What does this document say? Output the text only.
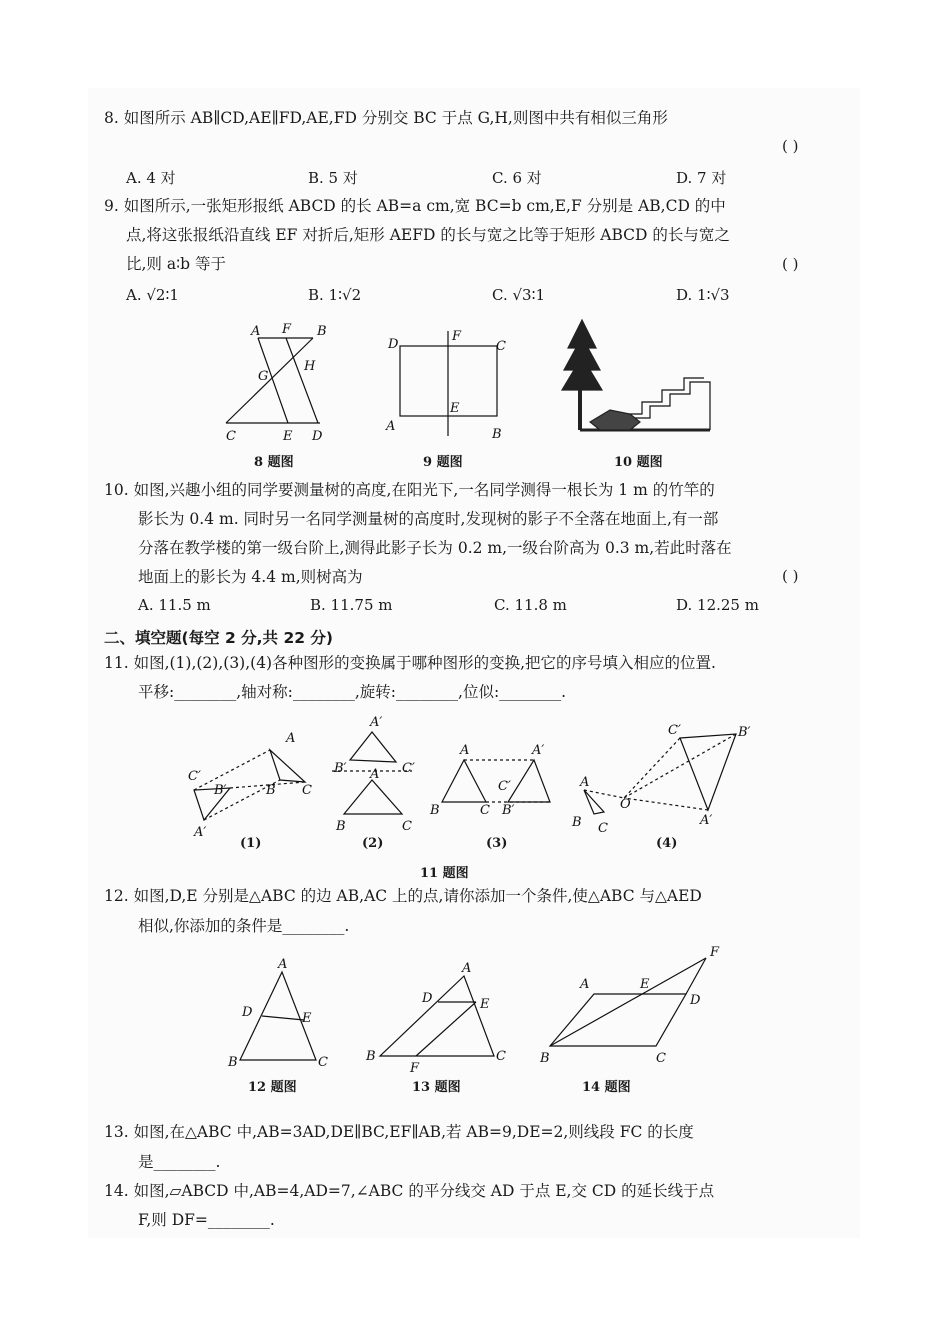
8. 如图所示 AB∥CD,AE∥FD,AE,FD 分别交 BC 于点 G,H,则图中共有相似三角形
( )
A. 4 对	B. 5 对	C. 6 对	D. 7 对
9. 如图所示,一张矩形报纸 ABCD 的长 AB=a cm,宽 BC=b cm,E,F 分别是 AB,CD 的中
点,将这张报纸沿直线 EF 对折后,矩形 AEFD 的长与宽之比等于矩形 ABCD 的长与宽之
比,则 a∶b 等于	( )
A. √2∶1	B. 1∶√2	C. √3∶1	D. 1∶√3
A F B
G
H
C	E D
8 题图
D
F
C
E
A
B
9 题图	10 题图
10. 如图,兴趣小组的同学要测量树的高度,在阳光下,一名同学测得一根长为 1 m 的竹竿的
影长为 0.4 m. 同时另一名同学测量树的高度时,发现树的影子不全落在地面上,有一部
分落在教学楼的第一级台阶上,测得此影子长为 0.2 m,一级台阶高为 0.3 m,若此时落在
地面上的影长为 4.4 m,则树高为	( )
A. 11.5 m	B. 11.75 m	C. 11.8 m	D. 12.25 m
二、填空题(每空 2 分,共 22 分)
11. 如图,(1),(2),(3),(4)各种图形的变换属于哪种图形的变换,把它的序号填入相应的位置.
平移:________,轴对称:________,旋转:________,位似:________.
A
B C
A′
B′
C′
A′
B′	C′
A
B	C
A
B	C
A′
B′
C′
C′	B′
A′
A
B C
O
(1)	(2)	(3)	(4)
11 题图
12. 如图,D,E 分别是△ABC 的边 AB,AC 上的点,请你添加一个条件,使△ABC 与△AED
相似,你添加的条件是________.
A
B	C
D	E
A
B	C
D	E
F
A
B	C
D
E
F
12 题图	13 题图	14 题图
13. 如图,在△ABC 中,AB=3AD,DE∥BC,EF∥AB,若 AB=9,DE=2,则线段 FC 的长度
是________.
14. 如图,▱ABCD 中,AB=4,AD=7,∠ABC 的平分线交 AD 于点 E,交 CD 的延长线于点
F,则 DF=________.
